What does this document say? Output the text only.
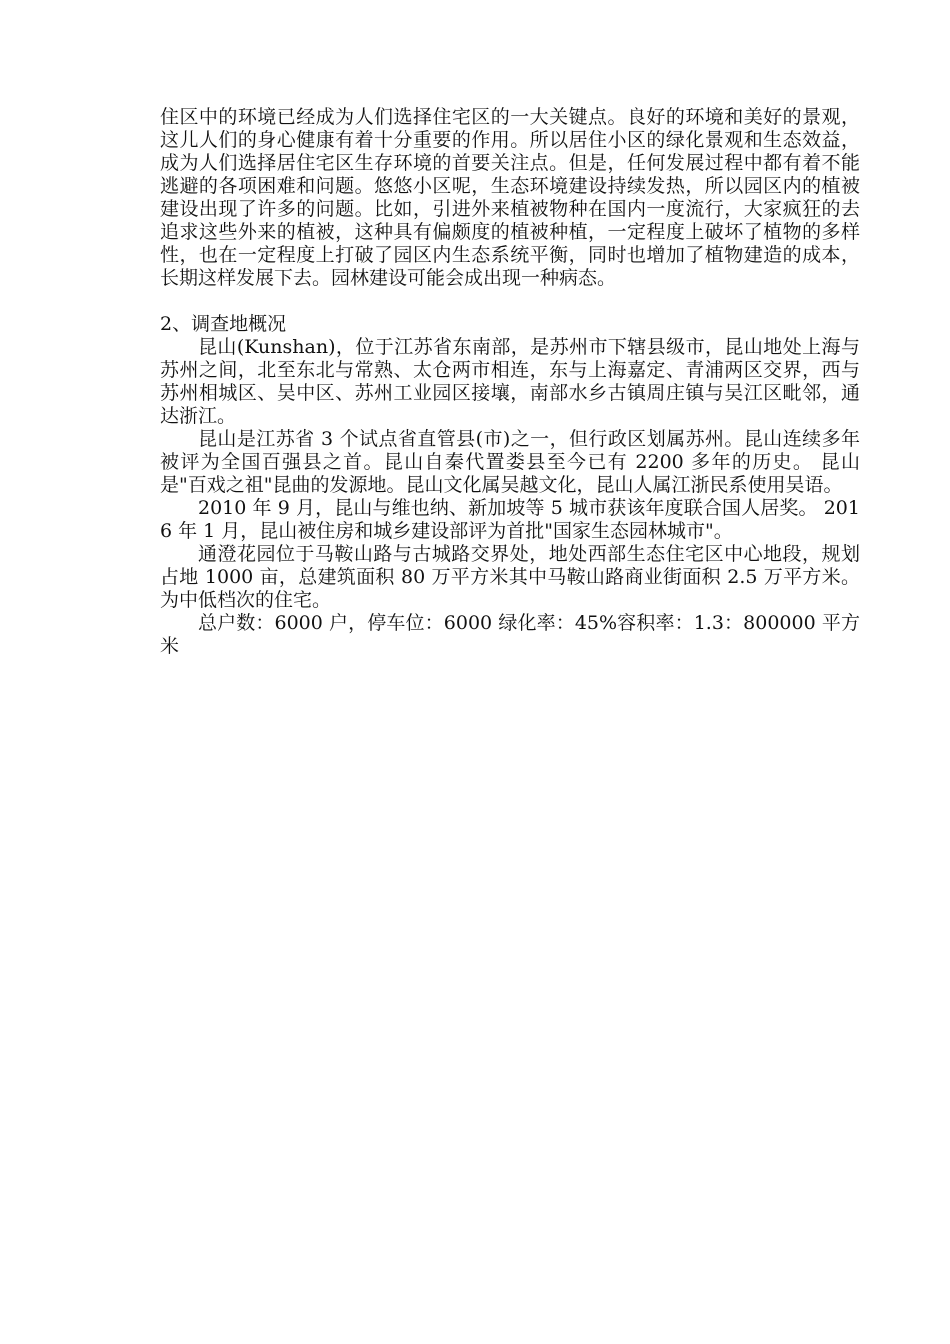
住区中的环境已经成为人们选择住宅区的一大关键点。良好的环境和美好的景观，这儿人们的身心健康有着十分重要的作用。所以居住小区的绿化景观和生态效益，成为人们选择居住宅区生存环境的首要关注点。但是，任何发展过程中都有着不能逃避的各项困难和问题。悠悠小区呢，生态环境建设持续发热，所以园区内的植被建设出现了许多的问题。比如，引进外来植被物种在国内一度流行，大家疯狂的去追求这些外来的植被，这种具有偏颇度的植被种植，一定程度上破坏了植物的多样性，也在一定程度上打破了园区内生态系统平衡，同时也增加了植物建造的成本，长期这样发展下去。园林建设可能会成出现一种病态。

2、调查地概况

昆山(Kunshan)，位于江苏省东南部，是苏州市下辖县级市，昆山地处上海与苏州之间，北至东北与常熟、太仓两市相连，东与上海嘉定、青浦两区交界，西与苏州相城区、吴中区、苏州工业园区接壤，南部水乡古镇周庄镇与吴江区毗邻，通达浙江。

昆山是江苏省 3 个试点省直管县(市)之一，但行政区划属苏州。昆山连续多年被评为全国百强县之首。昆山自秦代置娄县至今已有 2200 多年的历史。 昆山是"百戏之祖"昆曲的发源地。昆山文化属吴越文化，昆山人属江浙民系使用吴语。

2010 年 9 月，昆山与维也纳、新加坡等 5 城市获该年度联合国人居奖。 2016 年 1 月，昆山被住房和城乡建设部评为首批"国家生态园林城市"。

通澄花园位于马鞍山路与古城路交界处，地处西部生态住宅区中心地段，规划占地 1000 亩，总建筑面积 80 万平方米其中马鞍山路商业街面积 2.5 万平方米。为中低档次的住宅。

总户数：6000 户，停车位：6000 绿化率：45%容积率：1.3：800000 平方米
